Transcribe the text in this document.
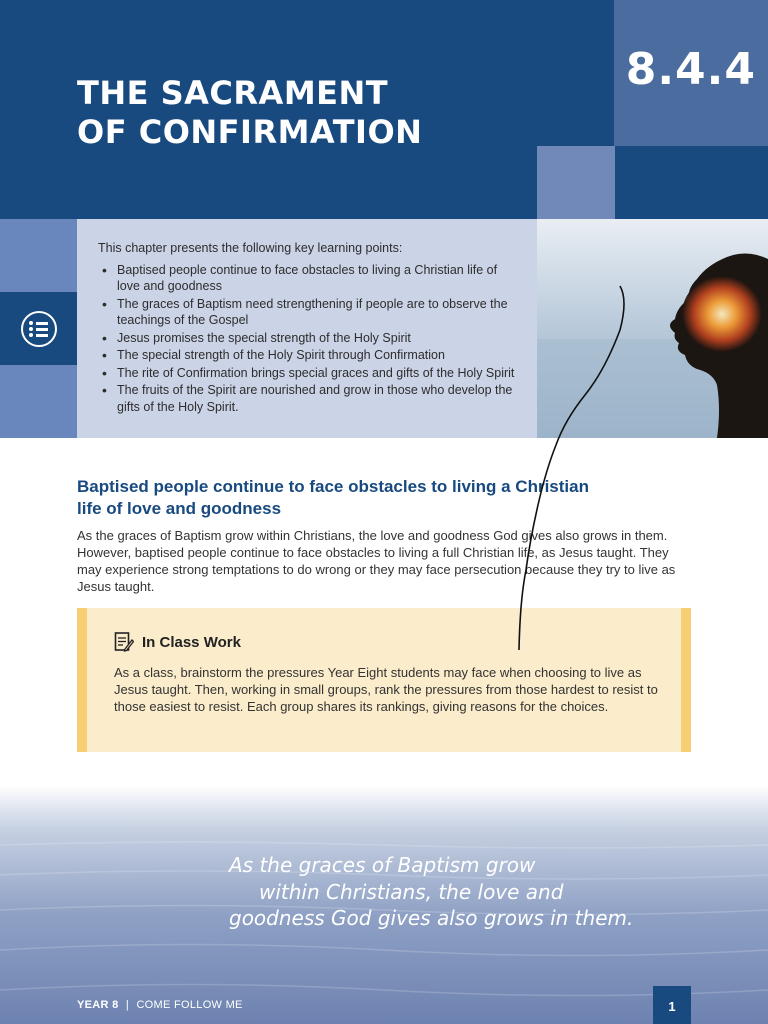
THE SACRAMENT
OF CONFIRMATION
8.4.4
This chapter presents the following key learning points:
• Baptised people continue to face obstacles to living a Christian life of love and goodness
• The graces of Baptism need strengthening if people are to observe the teachings of the Gospel
• Jesus promises the special strength of the Holy Spirit
• The special strength of the Holy Spirit through Confirmation
• The rite of Confirmation brings special graces and gifts of the Holy Spirit
• The fruits of the Spirit are nourished and grow in those who develop the gifts of the Holy Spirit.
Baptised people continue to face obstacles to living a Christian life of love and goodness
As the graces of Baptism grow within Christians, the love and goodness God gives also grows in them. However, baptised people continue to face obstacles to living a full Christian life, as Jesus taught. They may experience strong temptations to do wrong or they may face persecution because they try to live as Jesus taught.
In Class Work
As a class, brainstorm the pressures Year Eight students may face when choosing to live as Jesus taught. Then, working in small groups, rank the pressures from those hardest to resist to those easiest to resist. Each group shares its rankings, giving reasons for the choices.
As the graces of Baptism grow
within Christians, the love and
goodness God gives also grows in them.
YEAR 8 | COME FOLLOW ME	1
